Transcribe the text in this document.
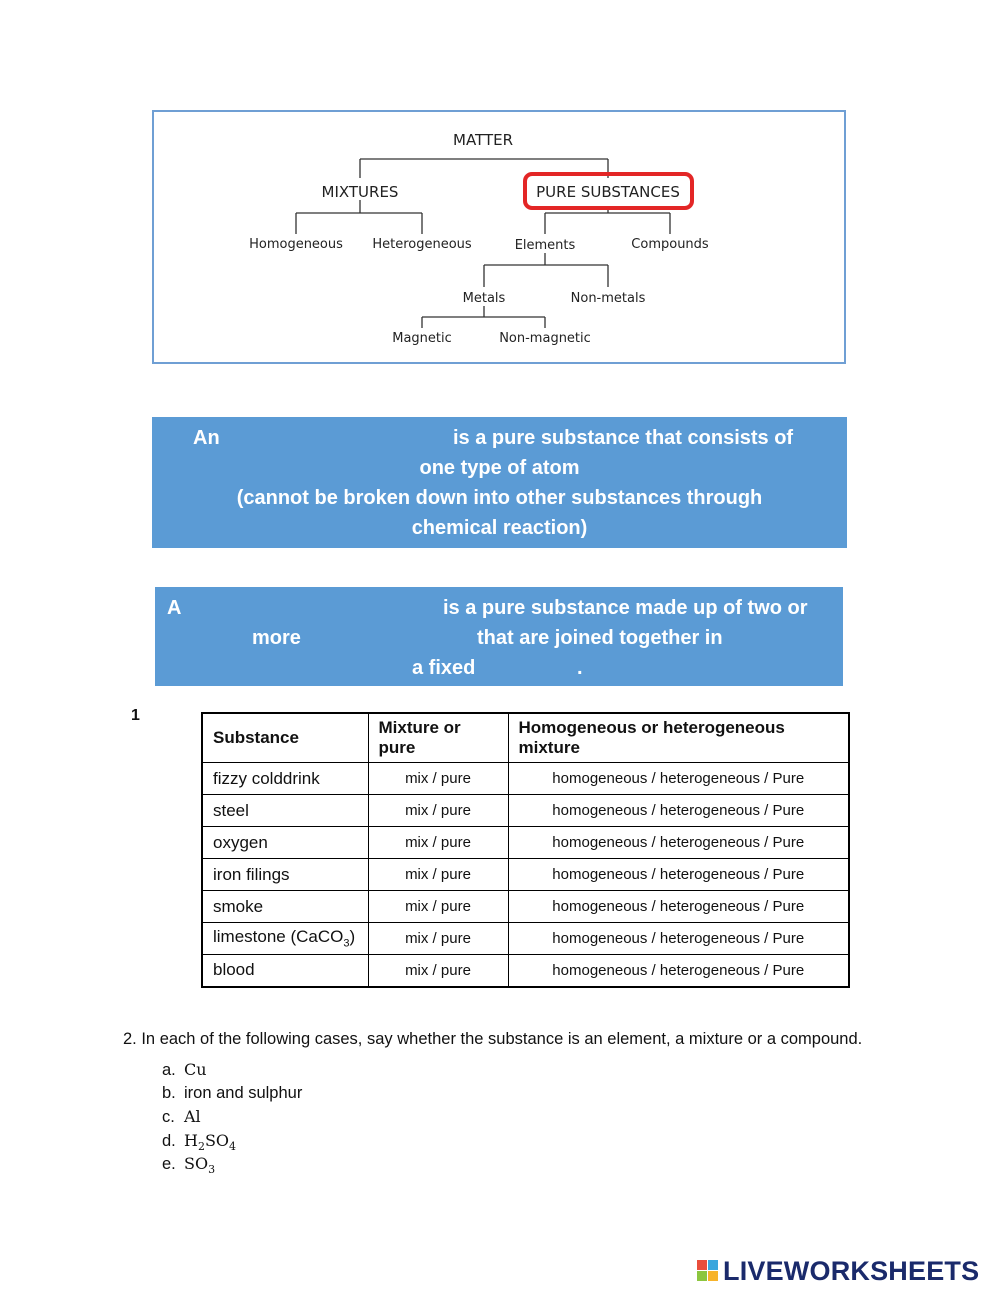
MATTER
MIXTURES	PURE SUBSTANCES
Homogeneous Heterogeneous	Elements	Compounds
Metals	Non-metals
Magnetic	Non-magnetic
An	is a pure substance that consists of
one type of atom
(cannot be broken down into other substances through
chemical reaction)
A	is a pure substance made up of two or
more	that are joined together in
a fixed	.
1
Substance	Mixture or pure	Homogeneous or heterogeneous mixture
fizzy colddrink	mix / pure	homogeneous / heterogeneous / Pure
steel	mix / pure	homogeneous / heterogeneous / Pure
oxygen	mix / pure	homogeneous / heterogeneous / Pure
iron filings	mix / pure	homogeneous / heterogeneous / Pure
smoke	mix / pure	homogeneous / heterogeneous / Pure
limestone (CaCO$_3$)	mix / pure	homogeneous / heterogeneous / Pure
blood	mix / pure	homogeneous / heterogeneous / Pure
2. In each of the following cases, say whether the substance is an element, a mixture or a compound.
a. Cu
b. iron and sulphur
c. Al
d. $H_2SO_4$
e. $SO_3$
LIVEWORKSHEETS
